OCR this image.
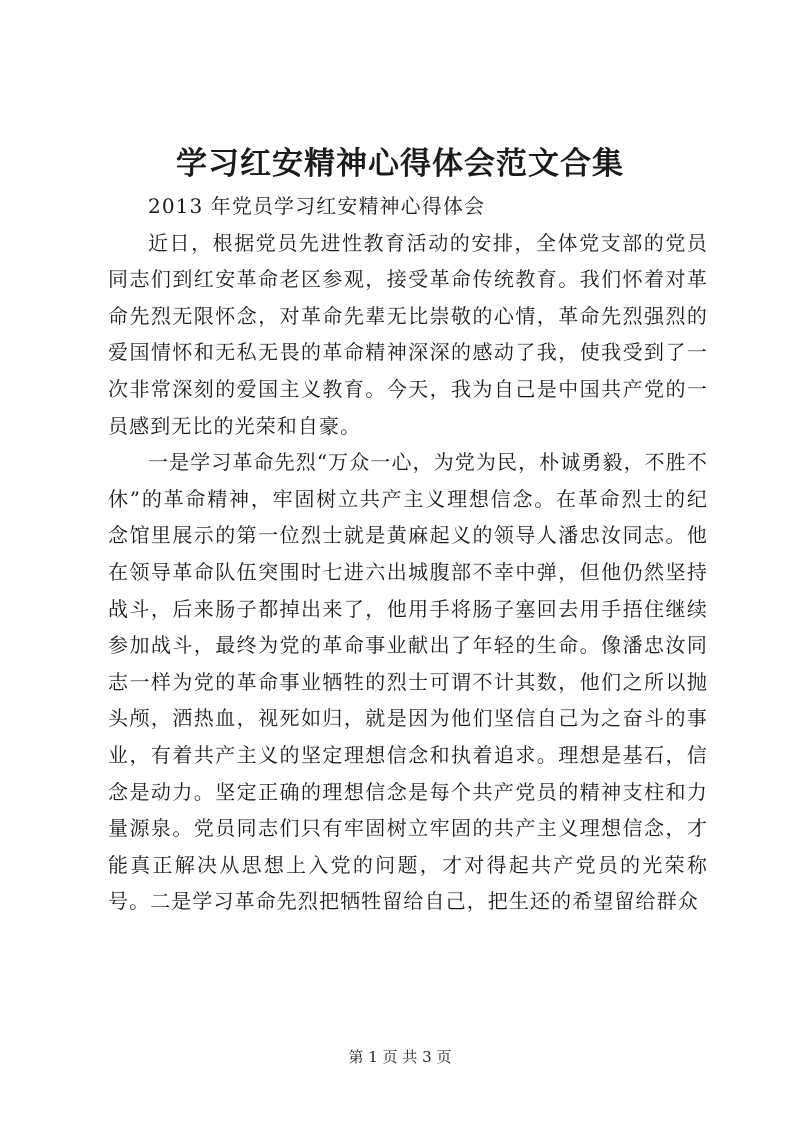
学习红安精神心得体会范文合集

2013 年党员学习红安精神心得体会

近日，根据党员先进性教育活动的安排，全体党支部的党员同志们到红安革命老区参观，接受革命传统教育。我们怀着对革命先烈无限怀念，对革命先辈无比崇敬的心情，革命先烈强烈的爱国情怀和无私无畏的革命精神深深的感动了我，使我受到了一次非常深刻的爱国主义教育。今天，我为自己是中国共产党的一员感到无比的光荣和自豪。

一是学习革命先烈“万众一心，为党为民，朴诚勇毅，不胜不休”的革命精神，牢固树立共产主义理想信念。在革命烈士的纪念馆里展示的第一位烈士就是黄麻起义的领导人潘忠汝同志。他在领导革命队伍突围时七进六出城腹部不幸中弹，但他仍然坚持战斗，后来肠子都掉出来了，他用手将肠子塞回去用手捂住继续参加战斗，最终为党的革命事业献出了年轻的生命。像潘忠汝同志一样为党的革命事业牺牲的烈士可谓不计其数，他们之所以抛头颅，洒热血，视死如归，就是因为他们坚信自己为之奋斗的事业，有着共产主义的坚定理想信念和执着追求。理想是基石，信念是动力。坚定正确的理想信念是每个共产党员的精神支柱和力量源泉。党员同志们只有牢固树立牢固的共产主义理想信念，才能真正解决从思想上入党的问题，才对得起共产党员的光荣称号。二是学习革命先烈把牺牲留给自己，把生还的希望留给群众

第 1 页 共 3 页
